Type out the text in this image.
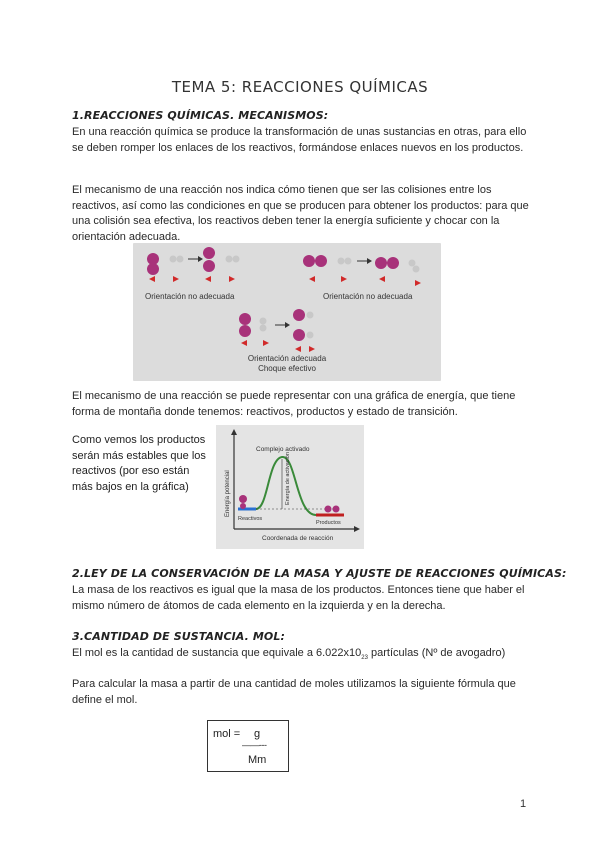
TEMA 5: REACCIONES QUÍMICAS
1.REACCIONES QUÍMICAS. MECANISMOS:

En una reacción química se produce la transformación de unas sustancias en otras, para ello se deben romper los enlaces de los reactivos, formándose enlaces nuevos en los productos.

El mecanismo de una reacción nos indica cómo tienen que ser las colisiones entre los reactivos, así como las condiciones en que se producen para obtener los productos: para que una colisión sea efectiva, los reactivos deben tener la energía suficiente y chocar con la orientación adecuada.

Orientación no adecuada	Orientación no adecuada
Orientación adecuada
Choque efectivo

El mecanismo de una reacción se puede representar con una gráfica de energía, que tiene forma de montaña donde tenemos: reactivos, productos y estado de transición.

Como vemos los productos serán más estables que los reactivos (por eso están más bajos en la gráfica)

Complejo activado
Energía potencial	Energía de activación
Reactivos
Productos
Coordenada de reacción
2.LEY DE LA CONSERVACIÓN DE LA MASA Y AJUSTE DE REACCIONES QUÍMICAS:

La masa de los reactivos es igual que la masa de los productos. Entonces tiene que haber el mismo número de átomos de cada elemento en la izquierda y en la derecha.

3.CANTIDAD DE SUSTANCIA. MOL:

El mol es la cantidad de sustancia que equivale a $6.022x10_{23}$ partículas (Nº de avogadro)

Para calcular la masa a partir de una cantidad de moles utilizamos la siguiente fórmula que define el mol.

mol = g
——---
Mm
1
